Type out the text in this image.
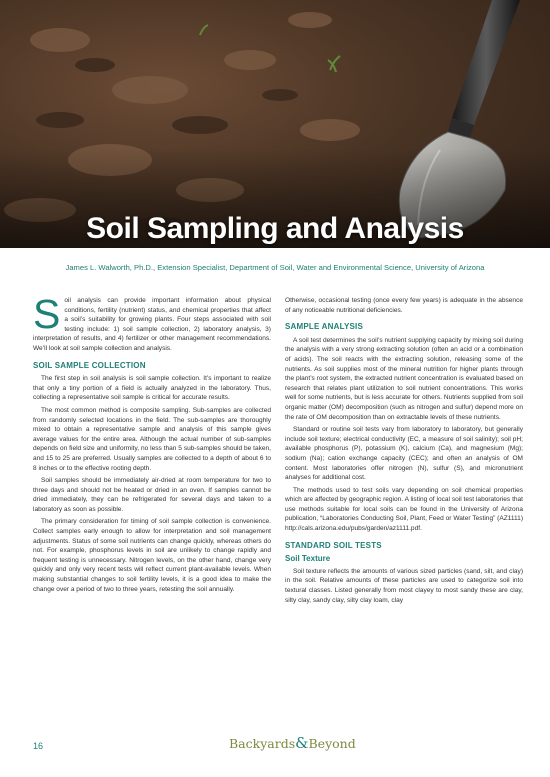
Soil Sampling and Analysis

James L. Walworth, Ph.D., Extension Specialist, Department of Soil, Water and Environmental Science, University of Arizona

Soil analysis can provide important information about physical conditions, fertility (nutrient) status, and chemical properties that affect a soil’s suitability for growing plants. Four steps associated with soil testing include: 1) soil sample collection, 2) laboratory analysis, 3) interpretation of results, and 4) fertilizer or other management recommendations. We’ll look at soil sample collection and analysis.

SOIL SAMPLE COLLECTION

The first step in soil analysis is soil sample collection. It’s important to realize that only a tiny portion of a field is actually analyzed in the laboratory. Thus, collecting a representative soil sample is critical for accurate results.

The most common method is composite sampling. Sub-samples are collected from randomly selected locations in the field. The sub-samples are thoroughly mixed to obtain a representative sample and analysis of this sample gives average values for the entire area. Although the actual number of sub-samples depends on field size and uniformity, no less than 5 sub-samples should be taken, and 15 to 25 are preferred. Usually samples are collected to a depth of about 6 to 8 inches or to the effective rooting depth.

Soil samples should be immediately air-dried at room temperature for two to three days and should not be heated or dried in an oven. If samples cannot be dried immediately, they can be refrigerated for several days and taken to a laboratory as soon as possible.

The primary consideration for timing of soil sample collection is convenience. Collect samples early enough to allow for interpretation and soil management adjustments. Status of some soil nutrients can change quickly, whereas others do not. For example, phosphorus levels in soil are unlikely to change rapidly and frequent testing is unnecessary. Nitrogen levels, on the other hand, change very quickly and only very recent tests will reflect current plant-available levels. When making substantial changes to soil fertility levels, it is a good idea to make the change over a period of two to three years, retesting the soil annually.

Otherwise, occasional testing (once every few years) is adequate in the absence of any noticeable nutritional deficiencies.

SAMPLE ANALYSIS

A soil test determines the soil’s nutrient supplying capacity by mixing soil during the analysis with a very strong extracting solution (often an acid or a combination of acids). The soil reacts with the extracting solution, releasing some of the nutrients. As soil supplies most of the mineral nutrition for higher plants through the plant’s root system, the extracted nutrient concentration is evaluated based on research that relates plant utilization to soil nutrient concentrations. This works well for some nutrients, but is less accurate for others. Nutrients supplied from soil organic matter (OM) decomposition (such as nitrogen and sulfur) depend more on the rate of OM decomposition than on extractable levels of these nutrients.

Standard or routine soil tests vary from laboratory to laboratory, but generally include soil texture; electrical conductivity (EC, a measure of soil salinity); soil pH; available phosphorus (P), potassium (K), calcium (Ca), and magnesium (Mg); sodium (Na); cation exchange capacity (CEC); and often an analysis of OM content. Most laboratories offer nitrogen (N), sulfur (S), and micronutrient analyses for additional cost.

The methods used to test soils vary depending on soil chemical properties which are affected by geographic region. A listing of local soil test laboratories that use methods suitable for local soils can be found in the University of Arizona publication, “Laboratories Conducting Soil, Plant, Feed or Water Testing” (AZ1111) http://cals.arizona.edu/pubs/garden/az1111.pdf.

STANDARD SOIL TESTS
Soil Texture

Soil texture reflects the amounts of various sized particles (sand, silt, and clay) in the soil. Relative amounts of these particles are used to categorize soil into textural classes. Listed generally from most clayey to most sandy these are clay, silty clay, sandy clay, silty clay loam, clay

16	Backyards&Beyond
